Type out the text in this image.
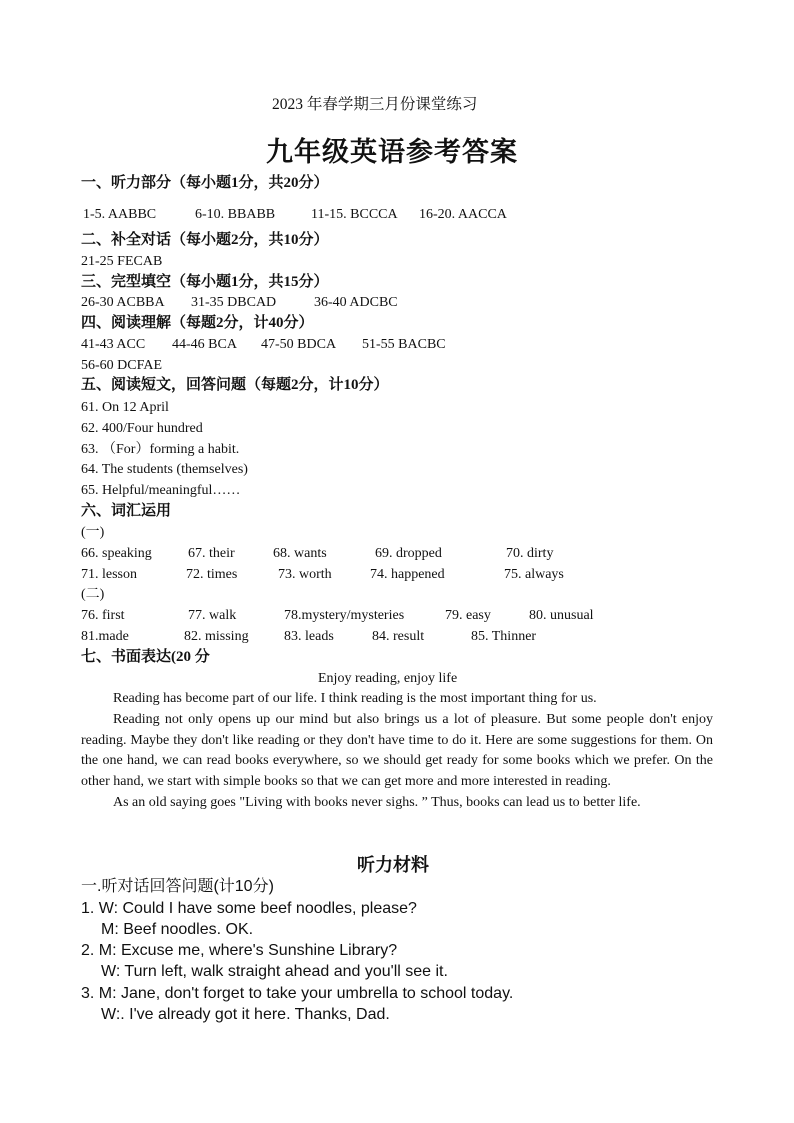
2023 年春学期三月份课堂练习
九年级英语参考答案
一、听力部分（每小题1分，共20分）
1-5. AABBC	6-10. BBABB	11-15. BCCCA 16-20. AACCA
二、补全对话（每小题2分，共10分）
21-25 FECAB
三、完型填空（每小题1分，共15分）
26-30 ACBBA 31-35 DBCAD	36-40 ADCBC
四、阅读理解（每题2分，计40分）
41-43 ACC 44-46 BCA 47-50 BDCA 51-55 BACBC
56-60 DCFAE
五、阅读短文，回答问题（每题2分，计10分）
61. On 12 April
62. 400/Four hundred
63. （For）forming a habit.
64. The students (themselves)
65. Helpful/meaningful……
六、词汇运用
(一)
66. speaking	67. their	68. wants	69. dropped	70. dirty
71. lesson	72. times	73. worth	74. happened	75. always
(二)
76. first	77. walk	78.mystery/mysteries	79. easy	80. unusual
81.made	82. missing	83. leads	84. result	85. Thinner
七、书面表达(20 分
Enjoy reading, enjoy life

Reading has become part of our life. I think reading is the most important thing for us.

Reading not only opens up our mind but also brings us a lot of pleasure. But some people don't enjoy reading. Maybe they don't like reading or they don't have time to do it. Here are some suggestions for them. On the one hand, we can read books everywhere, so we should get ready for some books which we prefer. On the other hand, we start with simple books so that we can get more and more interested in reading.

As an old saying goes "Living with books never sighs. ” Thus, books can lead us to better life.

听力材料
一.听对话回答问题(计10分)
1. W: Could I have some beef noodles, please?
M: Beef noodles. OK.
2. M: Excuse me, where's Sunshine Library?
W: Turn left, walk straight ahead and you'll see it.
3. M: Jane, don't forget to take your umbrella to school today.
W:. I've already got it here. Thanks, Dad.
